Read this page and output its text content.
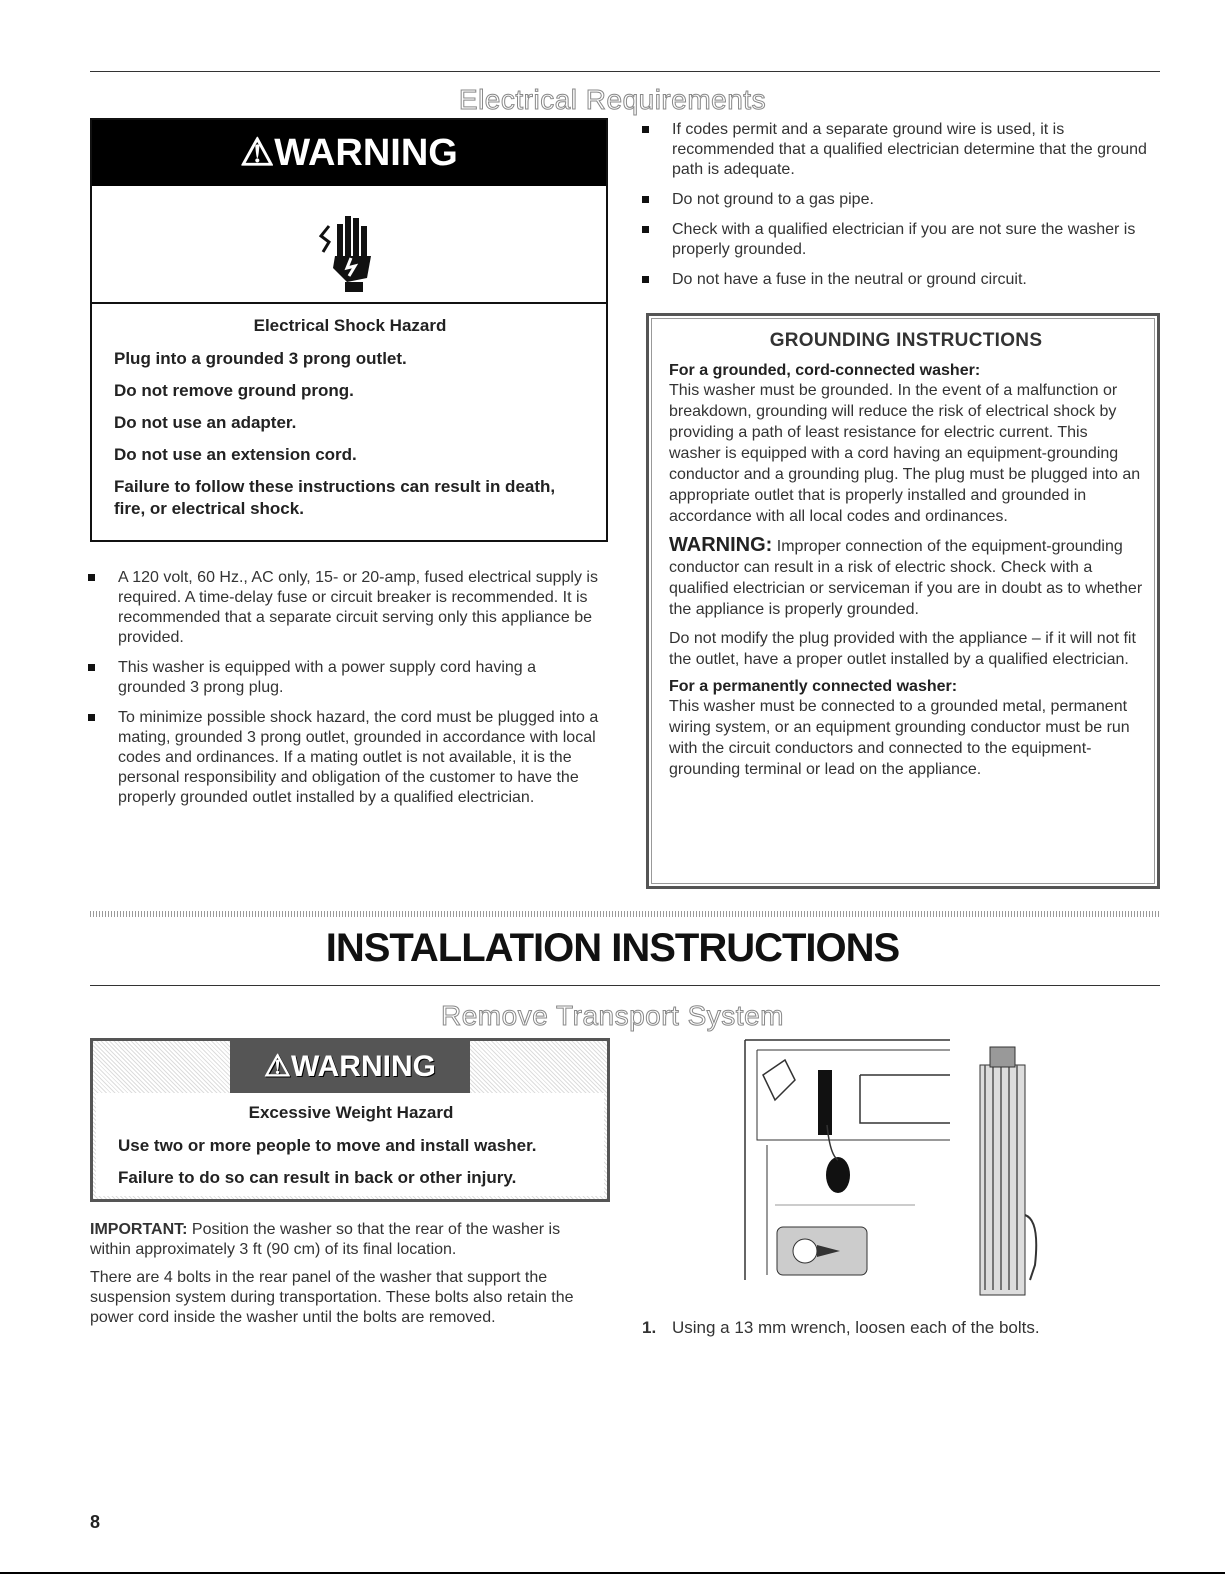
Electrical Requirements
⚠WARNING
Electrical Shock Hazard
Plug into a grounded 3 prong outlet.
Do not remove ground prong.
Do not use an adapter.
Do not use an extension cord.
Failure to follow these instructions can result in death, fire, or electrical shock.
A 120 volt, 60 Hz., AC only, 15- or 20-amp, fused electrical supply is required. A time-delay fuse or circuit breaker is recommended. It is recommended that a separate circuit serving only this appliance be provided.
This washer is equipped with a power supply cord having a grounded 3 prong plug.
To minimize possible shock hazard, the cord must be plugged into a mating, grounded 3 prong outlet, grounded in accordance with local codes and ordinances. If a mating outlet is not available, it is the personal responsibility and obligation of the customer to have the properly grounded outlet installed by a qualified electrician.
If codes permit and a separate ground wire is used, it is recommended that a qualified electrician determine that the ground path is adequate.
Do not ground to a gas pipe.
Check with a qualified electrician if you are not sure the washer is properly grounded.
Do not have a fuse in the neutral or ground circuit.
GROUNDING INSTRUCTIONS

For a grounded, cord-connected washer:

This washer must be grounded. In the event of a malfunction or breakdown, grounding will reduce the risk of electrical shock by providing a path of least resistance for electric current. This washer is equipped with a cord having an equipment-grounding conductor and a grounding plug. The plug must be plugged into an appropriate outlet that is properly installed and grounded in accordance with all local codes and ordinances.

WARNING: Improper connection of the equipment-grounding conductor can result in a risk of electric shock. Check with a qualified electrician or serviceman if you are in doubt as to whether the appliance is properly grounded.

Do not modify the plug provided with the appliance – if it will not fit the outlet, have a proper outlet installed by a qualified electrician.

For a permanently connected washer:

This washer must be connected to a grounded metal, permanent wiring system, or an equipment grounding conductor must be run with the circuit conductors and connected to the equipment-grounding terminal or lead on the appliance.

INSTALLATION INSTRUCTIONS
Remove Transport System
⚠WARNING
Excessive Weight Hazard
Use two or more people to move and install washer.
Failure to do so can result in back or other injury.

IMPORTANT: Position the washer so that the rear of the washer is within approximately 3 ft (90 cm) of its final location.

There are 4 bolts in the rear panel of the washer that support the suspension system during transportation. These bolts also retain the power cord inside the washer until the bolts are removed.

1. Using a 13 mm wrench, loosen each of the bolts.
8
